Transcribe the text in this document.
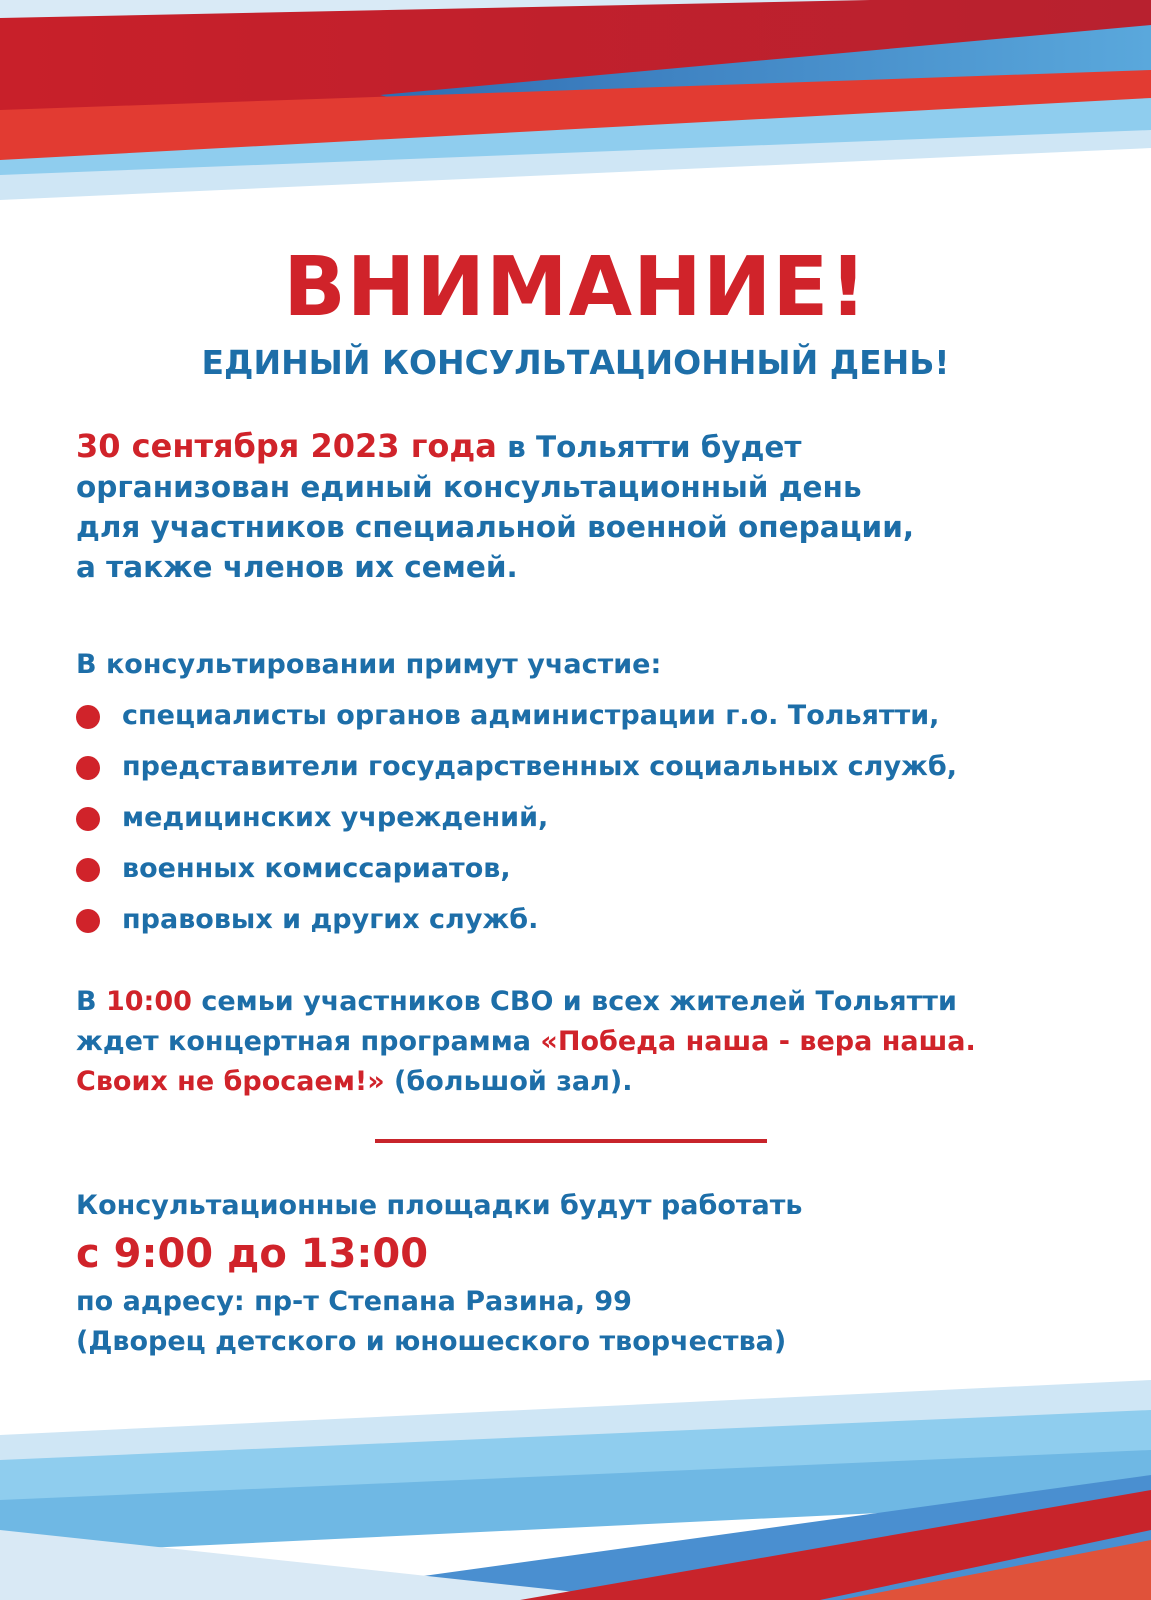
ВНИМАНИЕ!
ЕДИНЫЙ КОНСУЛЬТАЦИОННЫЙ ДЕНЬ!
30 сентября 2023 года в Тольятти будет
организован единый консультационный день
для участников специальной военной операции,
а также членов их семей.
В консультировании примут участие:
специалисты органов администрации г.о. Тольятти,
представители государственных социальных служб,
медицинских учреждений,
военных комиссариатов,
правовых и других служб.
В 10:00 семьи участников СВО и всех жителей Тольятти
ждет концертная программа «Победа наша - вера наша.
Своих не бросаем!» (большой зал).
Консультационные площадки будут работать
с 9:00 до 13:00
по адресу: пр-т Степана Разина, 99
(Дворец детского и юношеского творчества)
